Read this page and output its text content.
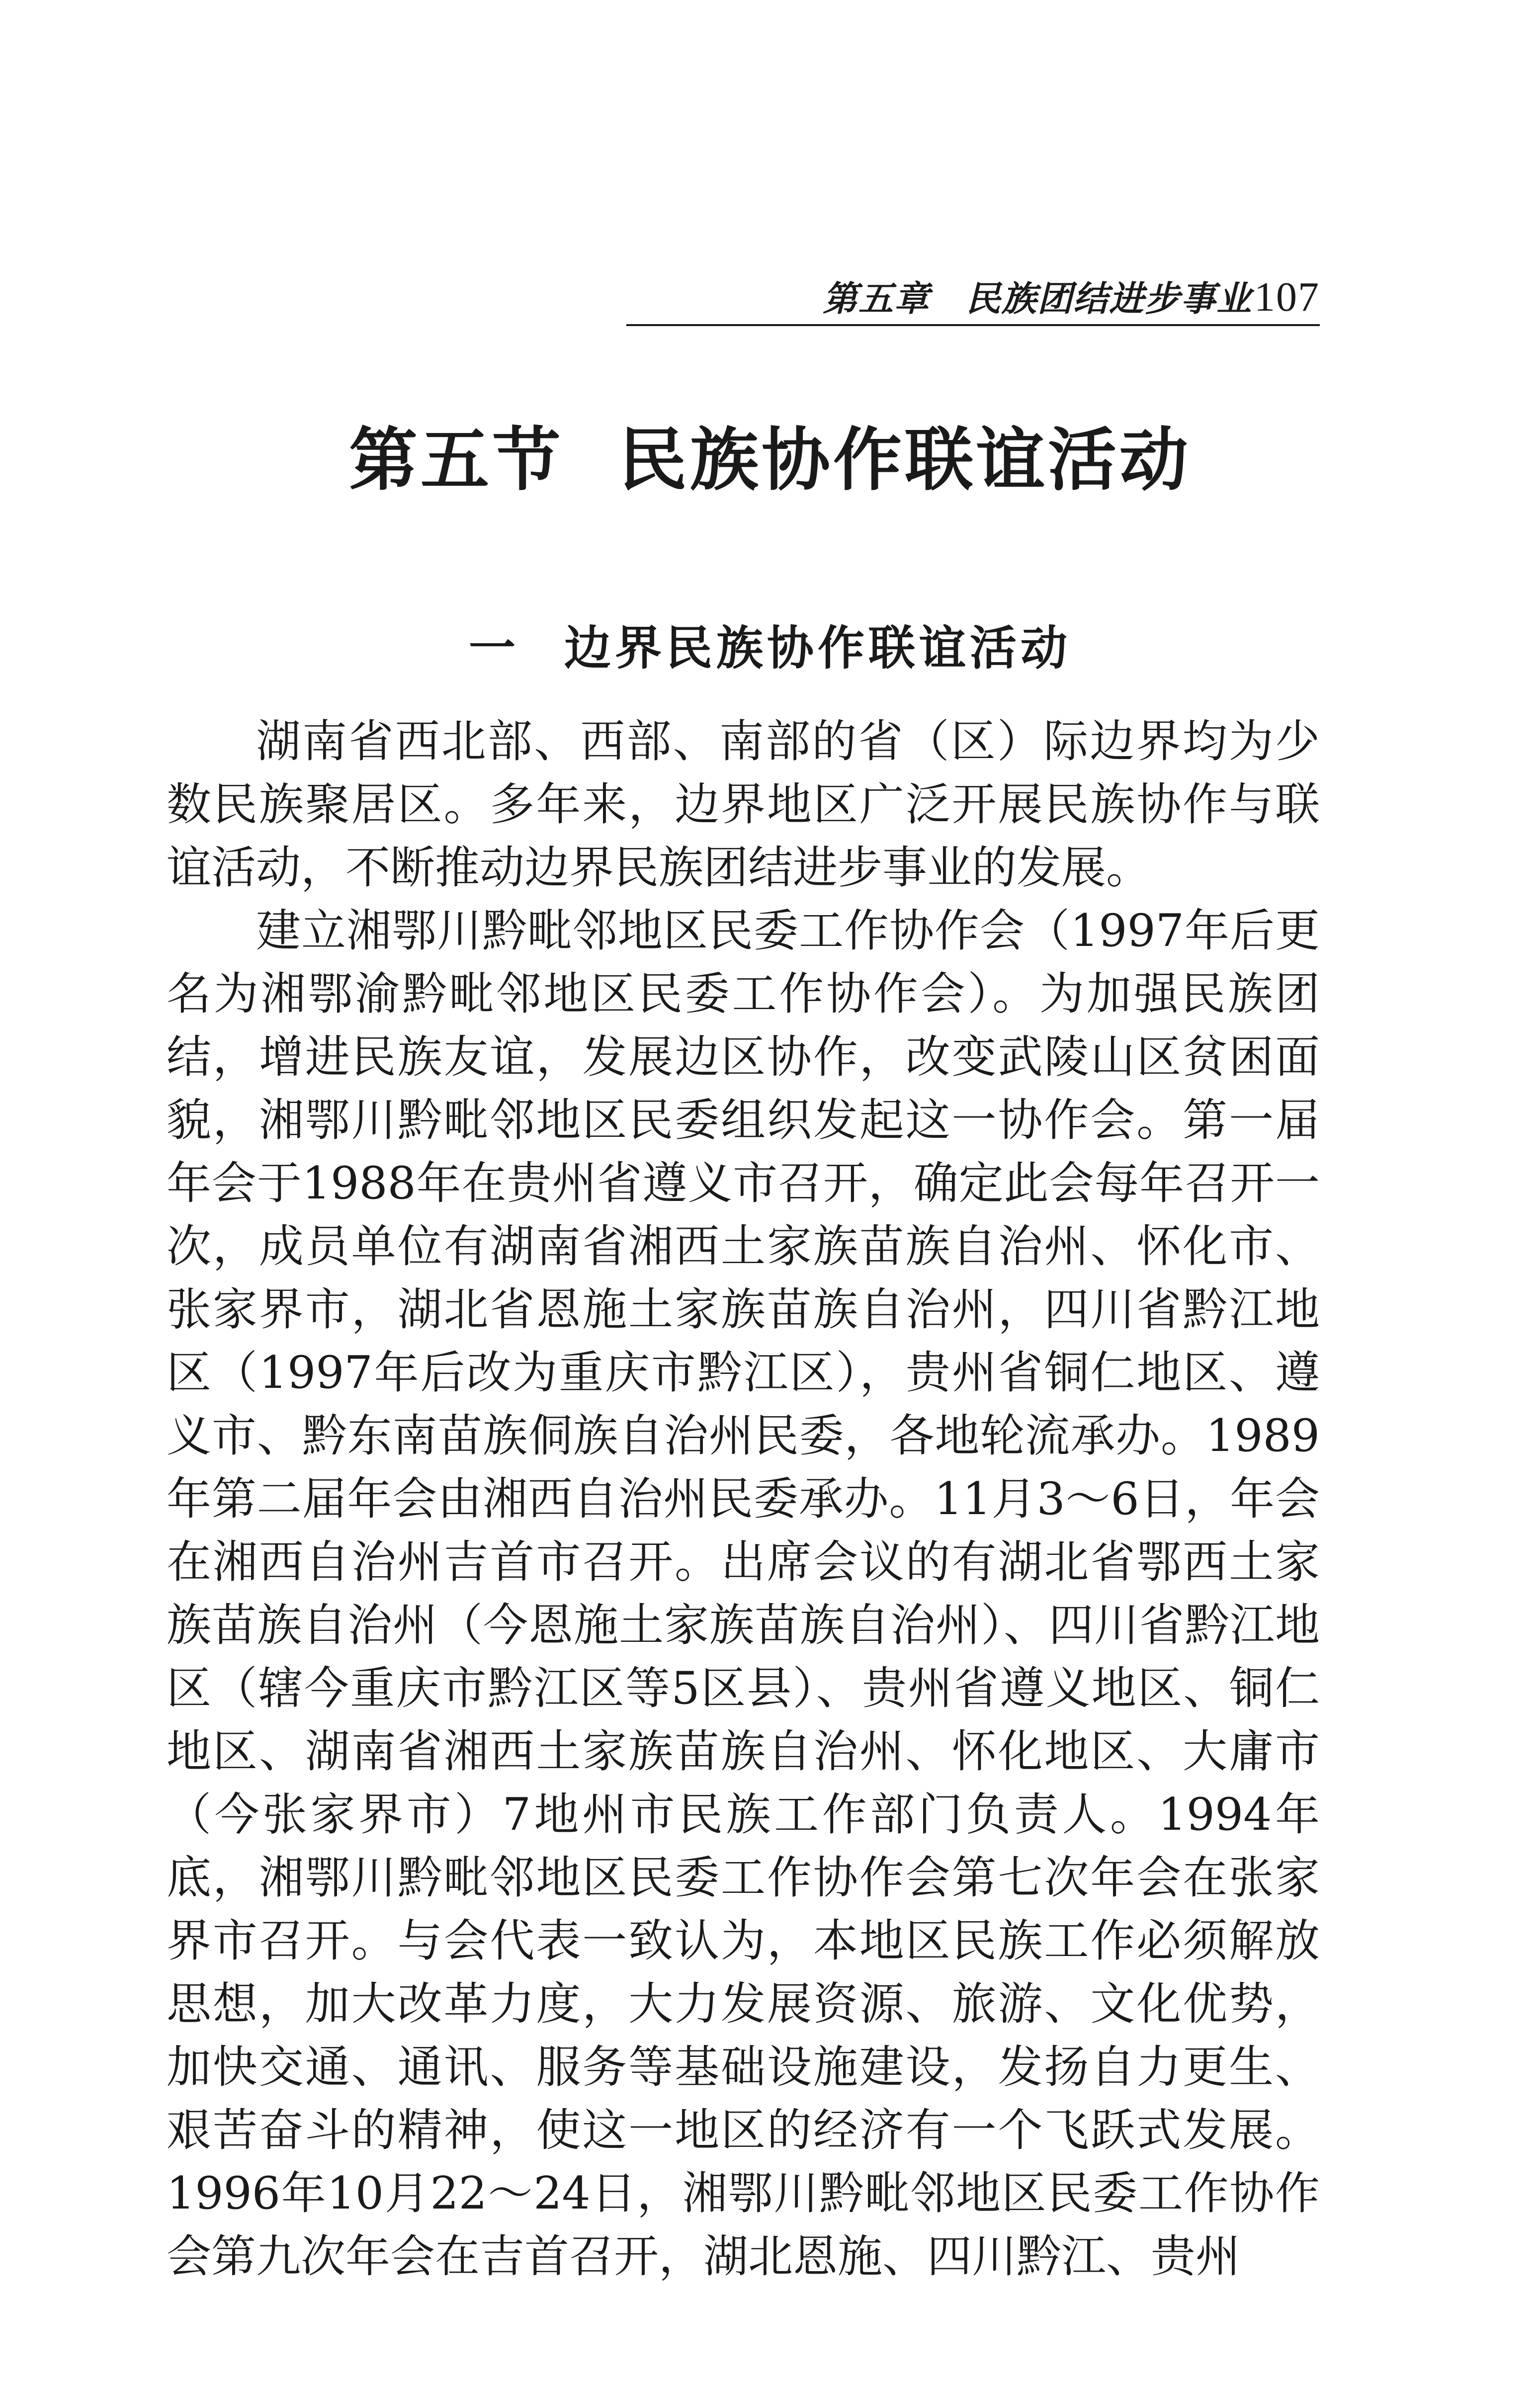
第五章　民族团结进步事业107
第五节 民族协作联谊活动
一 边界民族协作联谊活动

湖南省西北部、西部、南部的省（区）际边界均为少数民族聚居区。多年来，边界地区广泛开展民族协作与联谊活动，不断推动边界民族团结进步事业的发展。

建立湘鄂川黔毗邻地区民委工作协作会（1997年后更名为湘鄂渝黔毗邻地区民委工作协作会）。为加强民族团结，增进民族友谊，发展边区协作，改变武陵山区贫困面貌，湘鄂川黔毗邻地区民委组织发起这一协作会。第一届年会于1988年在贵州省遵义市召开，确定此会每年召开一次，成员单位有湖南省湘西土家族苗族自治州、怀化市、张家界市，湖北省恩施土家族苗族自治州，四川省黔江地区（1997年后改为重庆市黔江区），贵州省铜仁地区、遵义市、黔东南苗族侗族自治州民委，各地轮流承办。1989年第二届年会由湘西自治州民委承办。11月3～6日，年会在湘西自治州吉首市召开。出席会议的有湖北省鄂西土家族苗族自治州（今恩施土家族苗族自治州）、四川省黔江地区（辖今重庆市黔江区等5区县）、贵州省遵义地区、铜仁地区、湖南省湘西土家族苗族自治州、怀化地区、大庸市（今张家界市）7地州市民族工作部门负责人。1994年底，湘鄂川黔毗邻地区民委工作协作会第七次年会在张家界市召开。与会代表一致认为，本地区民族工作必须解放思想，加大改革力度，大力发展资源、旅游、文化优势，加快交通、通讯、服务等基础设施建设，发扬自力更生、艰苦奋斗的精神，使这一地区的经济有一个飞跃式发展。1996年10月22～24日，湘鄂川黔毗邻地区民委工作协作会第九次年会在吉首召开，湖北恩施、四川黔江、贵州
